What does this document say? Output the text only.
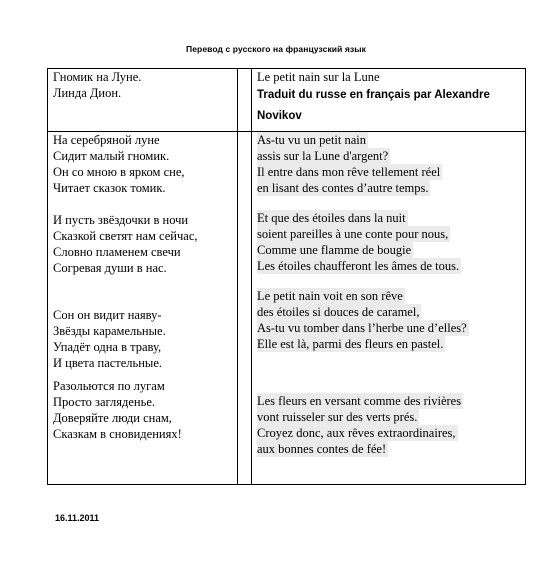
Перевод с русского на французский язык
Гномик на Луне.
Линда Дион.
Le petit nain sur la Lune
Traduit du russe en français par Alexandre
Novikov
На серебряной луне
Сидит малый гномик.
Он со мною в ярком сне,
Читает сказок томик.
И пусть звёздочки в ночи
Сказкой светят нам сейчас,
Словно пламенем свечи
Согревая души в нас.
Сон он видит наяву-
Звёзды карамельные.
Упадёт одна в траву,
И цвета пастельные.
Разольются по лугам
Просто загляденье.
Доверяйте люди снам,
Сказкам в сновидениях!
As-tu vu un petit nain
assis sur la Lune d'argent?
Il entre dans mon rêve tellement réel
en lisant des contes d’autre temps.
Et que des étoiles dans la nuit
soient pareilles à une conte pour nous,
Comme une flamme de bougie
Les étoiles chaufferont les âmes de tous.
Le petit nain voit en son rêve
des étoiles si douces de caramel,
As-tu vu tomber dans l’herbe une d’elles?
Elle est là, parmi des fleurs en pastel.
Les fleurs en versant comme des rivières
vont ruisseler sur des verts prés.
Croyez donc, aux rêves extraordinaires,
aux bonnes contes de fée!
16.11.2011
